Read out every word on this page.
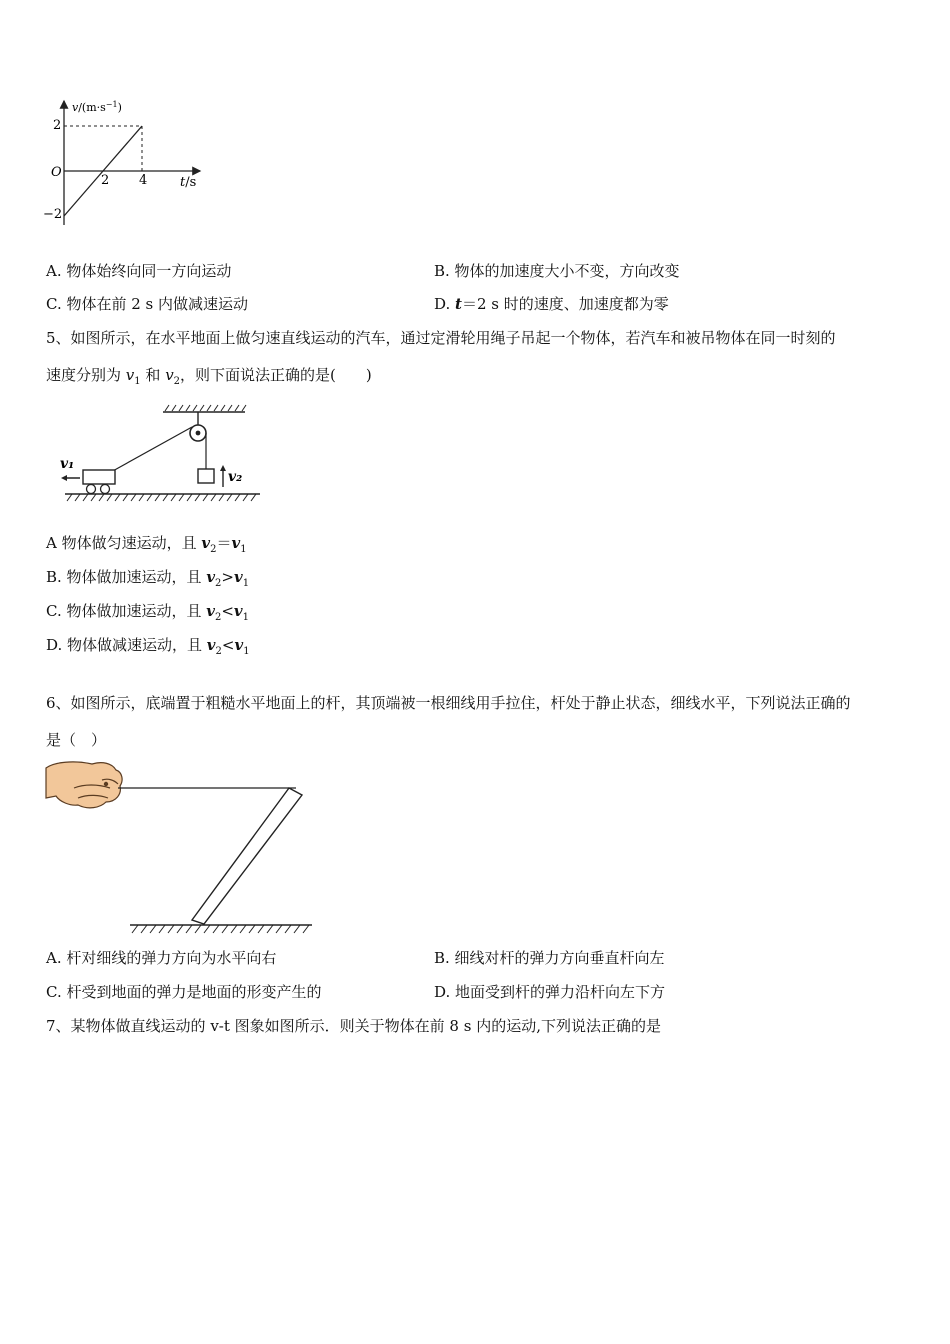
$v/(m\cdot s^{-1})$
2
O
−2
2 4	t/s
A. 物体始终向同一方向运动	B. 物体的加速度大小不变，方向改变
C. 物体在前 2 s 内做减速运动	D. t＝2 s 时的速度、加速度都为零
5、如图所示，在水平地面上做匀速直线运动的汽车，通过定滑轮用绳子吊起一个物体，若汽车和被吊物体在同一时刻的
速度分别为 $v_1$ 和 $v_2$，则下面说法正确的是(　　)
v₁
v₂
A 物体做匀速运动，且 $v_2=v_1$
B. 物体做加速运动，且 $v_2>v_1$
C. 物体做加速运动，且 $v_2<v_1$
D. 物体做减速运动，且 $v_2<v_1$
6、如图所示，底端置于粗糙水平地面上的杆，其顶端被一根细线用手拉住，杆处于静止状态，细线水平，下列说法正确的
是（　）
A. 杆对细线的弹力方向为水平向右	B. 细线对杆的弹力方向垂直杆向左
C. 杆受到地面的弹力是地面的形变产生的	D. 地面受到杆的弹力沿杆向左下方
7、某物体做直线运动的 v-t 图象如图所示．则关于物体在前 8 s 内的运动,下列说法正确的是
